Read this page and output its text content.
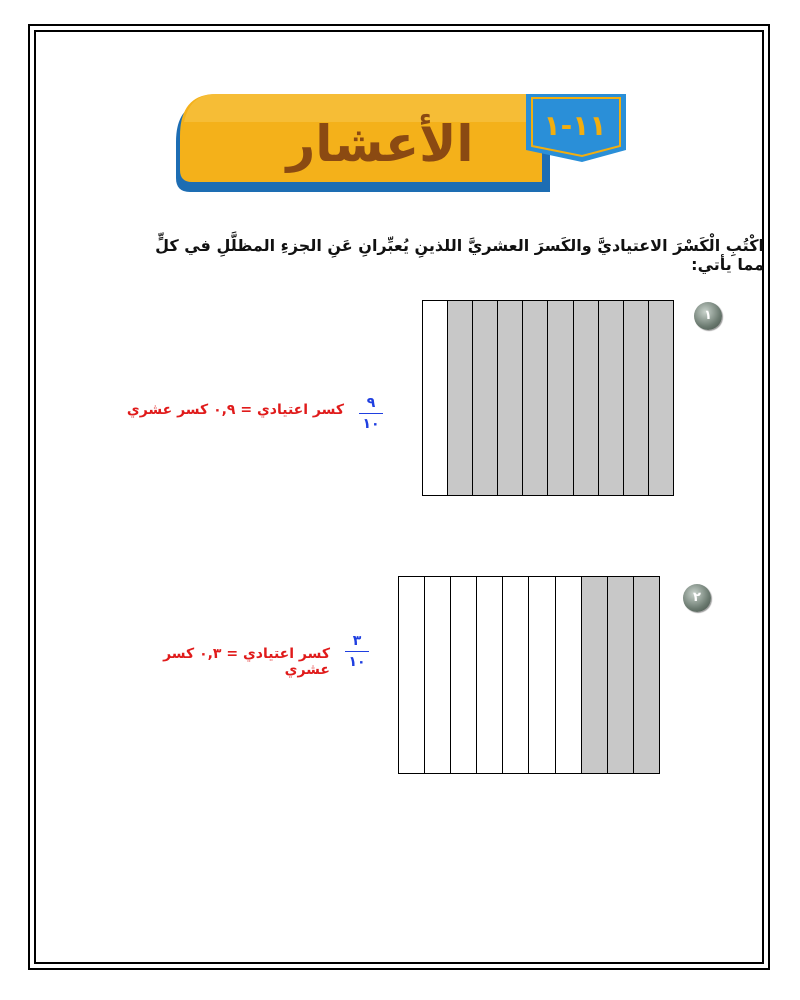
الأعشار	١١-١
اكْتُبِ الْكَسْرَ الاعتياديَّ والكَسرَ العشريَّ اللذينِ يُعبِّرانِ عَنِ الجزءِ المظلَّلِ في كلٍّ مما يأتي:
١
٩
١٠
كسر اعتيادي = ٠,٩ كسر عشري
٢
٣
١٠
كسر اعتيادي = ٠,٣ كسر
عشري
